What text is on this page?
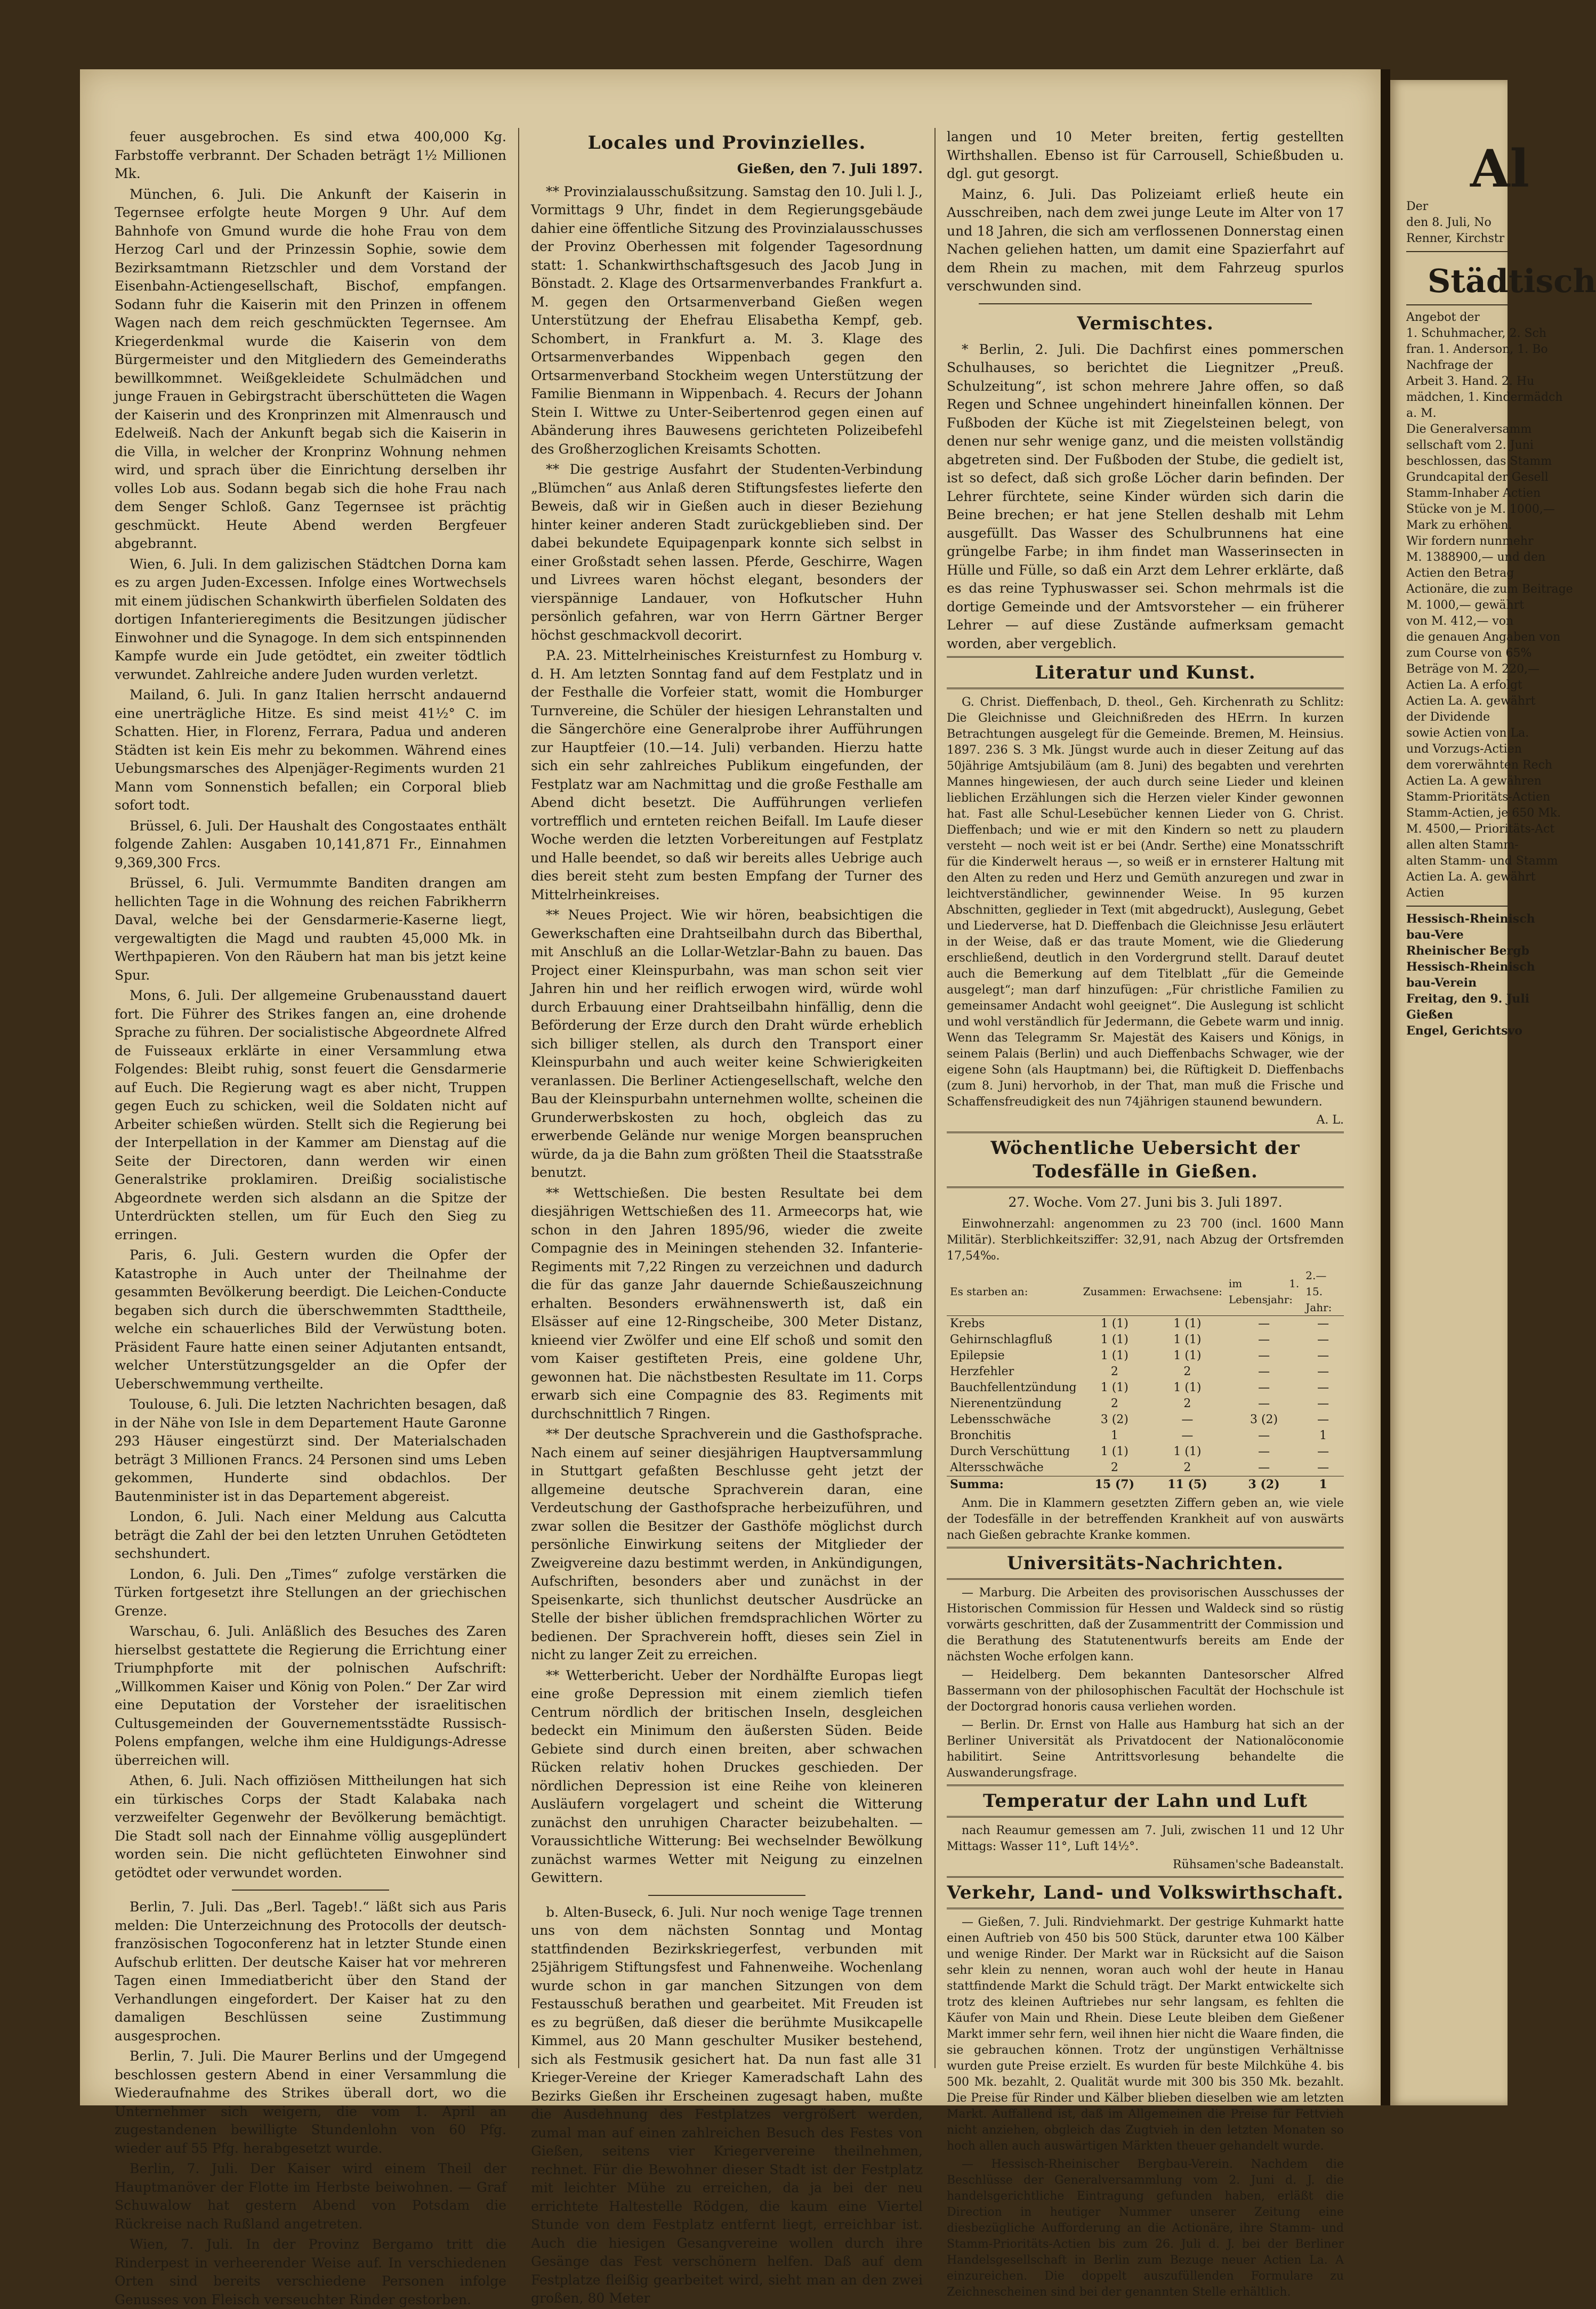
feuer ausgebrochen. Es sind etwa 400,000 Kg. Farbstoffe verbrannt. Der Schaden beträgt 1½ Millionen Mk.

München, 6. Juli. Die Ankunft der Kaiserin in Tegernsee erfolgte heute Morgen 9 Uhr. Auf dem Bahnhofe von Gmund wurde die hohe Frau von dem Herzog Carl und der Prinzessin Sophie, sowie dem Bezirksamtmann Rietzschler und dem Vorstand der Eisenbahn-Actiengesellschaft, Bischof, empfangen. Sodann fuhr die Kaiserin mit den Prinzen in offenem Wagen nach dem reich geschmückten Tegernsee. Am Kriegerdenkmal wurde die Kaiserin von dem Bürgermeister und den Mitgliedern des Gemeinderaths bewillkommnet. Weißgekleidete Schulmädchen und junge Frauen in Gebirgstracht überschütteten die Wagen der Kaiserin und des Kronprinzen mit Almenrausch und Edelweiß. Nach der Ankunft begab sich die Kaiserin in die Villa, in welcher der Kronprinz Wohnung nehmen wird, und sprach über die Einrichtung derselben ihr volles Lob aus. Sodann begab sich die hohe Frau nach dem Senger Schloß. Ganz Tegernsee ist prächtig geschmückt. Heute Abend werden Bergfeuer abgebrannt.

Wien, 6. Juli. In dem galizischen Städtchen Dorna kam es zu argen Juden-Excessen. Infolge eines Wortwechsels mit einem jüdischen Schankwirth überfielen Soldaten des dortigen Infanterieregiments die Besitzungen jüdischer Einwohner und die Synagoge. In dem sich entspinnenden Kampfe wurde ein Jude getödtet, ein zweiter tödtlich verwundet. Zahlreiche andere Juden wurden verletzt.

Mailand, 6. Juli. In ganz Italien herrscht andauernd eine unerträgliche Hitze. Es sind meist 41½° C. im Schatten. Hier, in Florenz, Ferrara, Padua und anderen Städten ist kein Eis mehr zu bekommen. Während eines Uebungsmarsches des Alpenjäger-Regiments wurden 21 Mann vom Sonnenstich befallen; ein Corporal blieb sofort todt.

Brüssel, 6. Juli. Der Haushalt des Congostaates enthält folgende Zahlen: Ausgaben 10,141,871 Fr., Einnahmen 9,369,300 Frcs.

Brüssel, 6. Juli. Vermummte Banditen drangen am hellichten Tage in die Wohnung des reichen Fabrikherrn Daval, welche bei der Gensdarmerie-Kaserne liegt, vergewaltigten die Magd und raubten 45,000 Mk. in Werthpapieren. Von den Räubern hat man bis jetzt keine Spur.

Mons, 6. Juli. Der allgemeine Grubenausstand dauert fort. Die Führer des Strikes fangen an, eine drohende Sprache zu führen. Der socialistische Abgeordnete Alfred de Fuisseaux erklärte in einer Versammlung etwa Folgendes: Bleibt ruhig, sonst feuert die Gensdarmerie auf Euch. Die Regierung wagt es aber nicht, Truppen gegen Euch zu schicken, weil die Soldaten nicht auf Arbeiter schießen würden. Stellt sich die Regierung bei der Interpellation in der Kammer am Dienstag auf die Seite der Directoren, dann werden wir einen Generalstrike proklamiren. Dreißig socialistische Abgeordnete werden sich alsdann an die Spitze der Unterdrückten stellen, um für Euch den Sieg zu erringen.

Paris, 6. Juli. Gestern wurden die Opfer der Katastrophe in Auch unter der Theilnahme der gesammten Bevölkerung beerdigt. Die Leichen-Conducte begaben sich durch die überschwemmten Stadttheile, welche ein schauerliches Bild der Verwüstung boten. Präsident Faure hatte einen seiner Adjutanten entsandt, welcher Unterstützungsgelder an die Opfer der Ueberschwemmung vertheilte.

Toulouse, 6. Juli. Die letzten Nachrichten besagen, daß in der Nähe von Isle in dem Departement Haute Garonne 293 Häuser eingestürzt sind. Der Materialschaden beträgt 3 Millionen Francs. 24 Personen sind ums Leben gekommen, Hunderte sind obdachlos. Der Bautenminister ist in das Departement abgereist.

London, 6. Juli. Nach einer Meldung aus Calcutta beträgt die Zahl der bei den letzten Unruhen Getödteten sechshundert.

London, 6. Juli. Den „Times“ zufolge verstärken die Türken fortgesetzt ihre Stellungen an der griechischen Grenze.

Warschau, 6. Juli. Anläßlich des Besuches des Zaren hierselbst gestattete die Regierung die Errichtung einer Triumphpforte mit der polnischen Aufschrift: „Willkommen Kaiser und König von Polen.“ Der Zar wird eine Deputation der Vorsteher der israelitischen Cultusgemeinden der Gouvernementsstädte Russisch-Polens empfangen, welche ihm eine Huldigungs-Adresse überreichen will.

Athen, 6. Juli. Nach offiziösen Mittheilungen hat sich ein türkisches Corps der Stadt Kalabaka nach verzweifelter Gegenwehr der Bevölkerung bemächtigt. Die Stadt soll nach der Einnahme völlig ausgeplündert worden sein. Die nicht geflüchteten Einwohner sind getödtet oder verwundet worden.

Berlin, 7. Juli. Das „Berl. Tageb!.“ läßt sich aus Paris melden: Die Unterzeichnung des Protocolls der deutsch-französischen Togoconferenz hat in letzter Stunde einen Aufschub erlitten. Der deutsche Kaiser hat vor mehreren Tagen einen Immediatbericht über den Stand der Verhandlungen eingefordert. Der Kaiser hat zu den damaligen Beschlüssen seine Zustimmung ausgesprochen.

Berlin, 7. Juli. Die Maurer Berlins und der Umgegend beschlossen gestern Abend in einer Versammlung die Wiederaufnahme des Strikes überall dort, wo die Unternehmer sich weigern, die vom 1. April an zugestandenen bewilligte Stundenlohn von 60 Pfg. wieder auf 55 Pfg. herabgesetzt wurde.

Berlin, 7. Juli. Der Kaiser wird einem Theil der Hauptmanöver der Flotte im Herbste beiwohnen. — Graf Schuwalow hat gestern Abend von Potsdam die Rückreise nach Rußland angetreten.

Wien, 7. Juli. In der Provinz Bergamo tritt die Rinderpest in verheerender Weise auf. In verschiedenen Orten sind bereits verschiedene Personen infolge Genusses von Fleisch verseuchter Rinder gestorben.

Locales und Provinzielles.
Gießen, den 7. Juli 1897.

** Provinzialausschußsitzung. Samstag den 10. Juli l. J., Vormittags 9 Uhr, findet in dem Regierungsgebäude dahier eine öffentliche Sitzung des Provinzialausschusses der Provinz Oberhessen mit folgender Tagesordnung statt: 1. Schankwirthschaftsgesuch des Jacob Jung in Bönstadt. 2. Klage des Ortsarmenverbandes Frankfurt a. M. gegen den Ortsarmenverband Gießen wegen Unterstützung der Ehefrau Elisabetha Kempf, geb. Schombert, in Frankfurt a. M. 3. Klage des Ortsarmenverbandes Wippenbach gegen den Ortsarmenverband Stockheim wegen Unterstützung der Familie Bienmann in Wippenbach. 4. Recurs der Johann Stein I. Wittwe zu Unter-Seibertenrod gegen einen auf Abänderung ihres Bauwesens gerichteten Polizeibefehl des Großherzoglichen Kreisamts Schotten.

** Die gestrige Ausfahrt der Studenten-Verbindung „Blümchen“ aus Anlaß deren Stiftungsfestes lieferte den Beweis, daß wir in Gießen auch in dieser Beziehung hinter keiner anderen Stadt zurückgeblieben sind. Der dabei bekundete Equipagenpark konnte sich selbst in einer Großstadt sehen lassen. Pferde, Geschirre, Wagen und Livrees waren höchst elegant, besonders der vierspännige Landauer, von Hofkutscher Huhn persönlich gefahren, war von Herrn Gärtner Berger höchst geschmackvoll decorirt.

P.A. 23. Mittelrheinisches Kreisturnfest zu Homburg v. d. H. Am letzten Sonntag fand auf dem Festplatz und in der Festhalle die Vorfeier statt, womit die Homburger Turnvereine, die Schüler der hiesigen Lehranstalten und die Sängerchöre eine Generalprobe ihrer Aufführungen zur Hauptfeier (10.—14. Juli) verbanden. Hierzu hatte sich ein sehr zahlreiches Publikum eingefunden, der Festplatz war am Nachmittag und die große Festhalle am Abend dicht besetzt. Die Aufführungen verliefen vortrefflich und ernteten reichen Beifall. Im Laufe dieser Woche werden die letzten Vorbereitungen auf Festplatz und Halle beendet, so daß wir bereits alles Uebrige auch dies bereit steht zum besten Empfang der Turner des Mittelrheinkreises.

** Neues Project. Wie wir hören, beabsichtigen die Gewerkschaften eine Drahtseilbahn durch das Biberthal, mit Anschluß an die Lollar-Wetzlar-Bahn zu bauen. Das Project einer Kleinspurbahn, was man schon seit vier Jahren hin und her reiflich erwogen wird, würde wohl durch Erbauung einer Drahtseilbahn hinfällig, denn die Beförderung der Erze durch den Draht würde erheblich sich billiger stellen, als durch den Transport einer Kleinspurbahn und auch weiter keine Schwierigkeiten veranlassen. Die Berliner Actiengesellschaft, welche den Bau der Kleinspurbahn unternehmen wollte, scheinen die Grunderwerbskosten zu hoch, obgleich das zu erwerbende Gelände nur wenige Morgen beanspruchen würde, da ja die Bahn zum größten Theil die Staatsstraße benutzt.

** Wettschießen. Die besten Resultate bei dem diesjährigen Wettschießen des 11. Armeecorps hat, wie schon in den Jahren 1895/96, wieder die zweite Compagnie des in Meiningen stehenden 32. Infanterie-Regiments mit 7,22 Ringen zu verzeichnen und dadurch die für das ganze Jahr dauernde Schießauszeichnung erhalten. Besonders erwähnenswerth ist, daß ein Elsässer auf eine 12-Ringscheibe, 300 Meter Distanz, knieend vier Zwölfer und eine Elf schoß und somit den vom Kaiser gestifteten Preis, eine goldene Uhr, gewonnen hat. Die nächstbesten Resultate im 11. Corps erwarb sich eine Compagnie des 83. Regiments mit durchschnittlich 7 Ringen.

** Der deutsche Sprachverein und die Gasthofsprache. Nach einem auf seiner diesjährigen Hauptversammlung in Stuttgart gefaßten Beschlusse geht jetzt der allgemeine deutsche Sprachverein daran, eine Verdeutschung der Gasthofsprache herbeizuführen, und zwar sollen die Besitzer der Gasthöfe möglichst durch persönliche Einwirkung seitens der Mitglieder der Zweigvereine dazu bestimmt werden, in Ankündigungen, Aufschriften, besonders aber und zunächst in der Speisenkarte, sich thunlichst deutscher Ausdrücke an Stelle der bisher üblichen fremdsprachlichen Wörter zu bedienen. Der Sprachverein hofft, dieses sein Ziel in nicht zu langer Zeit zu erreichen.

** Wetterbericht. Ueber der Nordhälfte Europas liegt eine große Depression mit einem ziemlich tiefen Centrum nördlich der britischen Inseln, desgleichen bedeckt ein Minimum den äußersten Süden. Beide Gebiete sind durch einen breiten, aber schwachen Rücken relativ hohen Druckes geschieden. Der nördlichen Depression ist eine Reihe von kleineren Ausläufern vorgelagert und scheint die Witterung zunächst den unruhigen Character beizubehalten. — Voraussichtliche Witterung: Bei wechselnder Bewölkung zunächst warmes Wetter mit Neigung zu einzelnen Gewittern.

b. Alten-Buseck, 6. Juli. Nur noch wenige Tage trennen uns von dem nächsten Sonntag und Montag stattfindenden Bezirkskriegerfest, verbunden mit 25jährigem Stiftungsfest und Fahnenweihe. Wochenlang wurde schon in gar manchen Sitzungen von dem Festausschuß berathen und gearbeitet. Mit Freuden ist es zu begrüßen, daß dieser die berühmte Musikcapelle Kimmel, aus 20 Mann geschulter Musiker bestehend, sich als Festmusik gesichert hat. Da nun fast alle 31 Krieger-Vereine der Krieger Kameradschaft Lahn des Bezirks Gießen ihr Erscheinen zugesagt haben, mußte die Ausdehnung des Festplatzes vergrößert werden, zumal man auf einen zahlreichen Besuch des Festes von Gießen, seitens vier Kriegervereine theilnehmen, rechnet. Für die Bewohner dieser Stadt ist der Festplatz mit leichter Mühe zu erreichen, da ja bei der neu errichtete Haltestelle Rödgen, die kaum eine Viertel Stunde von dem Festplatz entfernt liegt, erreichbar ist. Auch die hiesigen Gesangvereine wollen durch ihre Gesänge das Fest verschönern helfen. Daß auf dem Festplatze fleißig gearbeitet wird, sieht man an den zwei großen, 80 Meter

langen und 10 Meter breiten, fertig gestellten Wirthshallen. Ebenso ist für Carrousell, Schießbuden u. dgl. gut gesorgt.

Mainz, 6. Juli. Das Polizeiamt erließ heute ein Ausschreiben, nach dem zwei junge Leute im Alter von 17 und 18 Jahren, die sich am verflossenen Donnerstag einen Nachen geliehen hatten, um damit eine Spazierfahrt auf dem Rhein zu machen, mit dem Fahrzeug spurlos verschwunden sind.

Vermischtes.

* Berlin, 2. Juli. Die Dachfirst eines pommerschen Schulhauses, so berichtet die Liegnitzer „Preuß. Schulzeitung“, ist schon mehrere Jahre offen, so daß Regen und Schnee ungehindert hineinfallen können. Der Fußboden der Küche ist mit Ziegelsteinen belegt, von denen nur sehr wenige ganz, und die meisten vollständig abgetreten sind. Der Fußboden der Stube, die gedielt ist, ist so defect, daß sich große Löcher darin befinden. Der Lehrer fürchtete, seine Kinder würden sich darin die Beine brechen; er hat jene Stellen deshalb mit Lehm ausgefüllt. Das Wasser des Schulbrunnens hat eine grüngelbe Farbe; in ihm findet man Wasserinsecten in Hülle und Fülle, so daß ein Arzt dem Lehrer erklärte, daß es das reine Typhuswasser sei. Schon mehrmals ist die dortige Gemeinde und der Amtsvorsteher — ein früherer Lehrer — auf diese Zustände aufmerksam gemacht worden, aber vergeblich.

Literatur und Kunst.

G. Christ. Dieffenbach, D. theol., Geh. Kirchenrath zu Schlitz: Die Gleichnisse und Gleichnißreden des HErrn. In kurzen Betrachtungen ausgelegt für die Gemeinde. Bremen, M. Heinsius. 1897. 236 S. 3 Mk. Jüngst wurde auch in dieser Zeitung auf das 50jährige Amtsjubiläum (am 8. Juni) des begabten und verehrten Mannes hingewiesen, der auch durch seine Lieder und kleinen lieblichen Erzählungen sich die Herzen vieler Kinder gewonnen hat. Fast alle Schul-Lesebücher kennen Lieder von G. Christ. Dieffenbach; und wie er mit den Kindern so nett zu plaudern versteht — noch weit ist er bei (Andr. Serthe) eine Monatsschrift für die Kinderwelt heraus —, so weiß er in ernsterer Haltung mit den Alten zu reden und Herz und Gemüth anzuregen und zwar in leichtverständlicher, gewinnender Weise. In 95 kurzen Abschnitten, geglieder in Text (mit abgedruckt), Auslegung, Gebet und Liederverse, hat D. Dieffenbach die Gleichnisse Jesu erläutert in der Weise, daß er das traute Moment, wie die Gliederung erschließend, deutlich in den Vordergrund stellt. Darauf deutet auch die Bemerkung auf dem Titelblatt „für die Gemeinde ausgelegt“; man darf hinzufügen: „Für christliche Familien zu gemeinsamer Andacht wohl geeignet“. Die Auslegung ist schlicht und wohl verständlich für Jedermann, die Gebete warm und innig. Wenn das Telegramm Sr. Majestät des Kaisers und Königs, in seinem Palais (Berlin) und auch Dieffenbachs Schwager, wie der eigene Sohn (als Hauptmann) bei, die Rüftigkeit D. Dieffenbachs (zum 8. Juni) hervorhob, in der That, man muß die Frische und Schaffensfreudigkeit des nun 74jährigen staunend bewundern.

A. L.
Wöchentliche Uebersicht der Todesfälle in Gießen.
27. Woche. Vom 27. Juni bis 3. Juli 1897.

Einwohnerzahl: angenommen zu 23 700 (incl. 1600 Mann Militär). Sterblichkeitsziffer: 32,91, nach Abzug der Ortsfremden 17,54‰.

Es starben an:	Zusammen:	Erwachsene:	im 1. Lebensjahr:	2.—15. Jahr:
Krebs	1 (1)	1 (1)	—	—
Gehirnschlagfluß	1 (1)	1 (1)	—	—
Epilepsie	1 (1)	1 (1)	—	—
Herzfehler	2	2	—	—
Bauchfellentzündung	1 (1)	1 (1)	—	—
Nierenentzündung	2	2	—	—
Lebensschwäche	3 (2)	—	3 (2)	—
Bronchitis	1	—	—	1
Durch Verschüttung	1 (1)	1 (1)	—	—
Altersschwäche	2	2	—	—
Summa:	15 (7)	11 (5)	3 (2)	1

Anm. Die in Klammern gesetzten Ziffern geben an, wie viele der Todesfälle in der betreffenden Krankheit auf von auswärts nach Gießen gebrachte Kranke kommen.

Universitäts-Nachrichten.

— Marburg. Die Arbeiten des provisorischen Ausschusses der Historischen Commission für Hessen und Waldeck sind so rüstig vorwärts geschritten, daß der Zusammentritt der Commission und die Berathung des Statutenentwurfs bereits am Ende der nächsten Woche erfolgen kann.

— Heidelberg. Dem bekannten Dantesorscher Alfred Bassermann von der philosophischen Facultät der Hochschule ist der Doctorgrad honoris causa verliehen worden.

— Berlin. Dr. Ernst von Halle aus Hamburg hat sich an der Berliner Universität als Privatdocent der Nationalöconomie habilitirt. Seine Antrittsvorlesung behandelte die Auswanderungsfrage.

Temperatur der Lahn und Luft

nach Reaumur gemessen am 7. Juli, zwischen 11 und 12 Uhr Mittags: Wasser 11°, Luft 14½°.

Rühsamen'sche Badeanstalt.
Verkehr, Land- und Volkswirthschaft.

— Gießen, 7. Juli. Rindviehmarkt. Der gestrige Kuhmarkt hatte einen Auftrieb von 450 bis 500 Stück, darunter etwa 100 Kälber und wenige Rinder. Der Markt war in Rücksicht auf die Saison sehr klein zu nennen, woran auch wohl der heute in Hanau stattfindende Markt die Schuld trägt. Der Markt entwickelte sich trotz des kleinen Auftriebes nur sehr langsam, es fehlten die Käufer von Main und Rhein. Diese Leute bleiben dem Gießener Markt immer sehr fern, weil ihnen hier nicht die Waare finden, die sie gebrauchen können. Trotz der ungünstigen Verhältnisse wurden gute Preise erzielt. Es wurden für beste Milchkühe 4. bis 500 Mk. bezahlt, 2. Qualität wurde mit 300 bis 350 Mk. bezahlt. Die Preise für Rinder und Kälber blieben dieselben wie am letzten Markt. Auffallend ist, daß im Allgemeinen die Preise für Fettvieh nicht anziehen, obgleich das Zugtvieh in den letzten Monaten so hoch allen auch auswärtigen Märkten theuer gehandelt wurde.

— Hessisch-Rheinischer Bergbau-Verein. Nachdem die Beschlüsse der Generalversammlung vom 2. Juni d. J. die handelsgerichtliche Eintragung gefunden haben, erläßt die Direction in heutiger Nummer unserer Zeitung eine diesbezügliche Aufforderung an die Actionäre, ihre Stamm- und Stamm-Prioritäts-Actien bis zum 26. Juli d. J. bei der Berliner Handelsgesellschaft in Berlin zum Bezuge neuer Actien La. A einzureichen. Die doppelt auszufüllenden Formulare zu Zeichnescheinen sind bei der genannten Stelle erhältlich.

Al
Der
den 8. Juli, No
Renner, Kirchstr
Städtisch
Angebot der
1. Schuhmacher, 2. Sch
fran. 1. Anderson, 1. Bo
Nachfrage der
Arbeit 3. Hand. 2. Hu
mädchen, 1. Kindermädch
a. M.
Die Generalversamm
sellschaft vom 2. Juni
beschlossen, das Stamm
Grundcapital der Gesell
Stamm-Inhaber Actien
Stücke von je M. 1000,—
Mark zu erhöhen.
Wir fordern nunmehr
M. 1388900,— und den
Actien den Betrag
Actionäre, die zum Beitrage
M. 1000,— gewährt
von M. 412,— von
die genauen Angaben von
zum Course von 65%
Beträge von M. 220,—
Actien La. A erfolgt
Actien La. A. gewährt
der Dividende
sowie Actien von La.
und Vorzugs-Actien
dem vorerwähnten Rech
Actien La. A gewähren
Stamm-Prioritäts-Actien
Stamm-Actien, je 650 Mk.
M. 4500,— Prioritäts-Act
allen alten Stamm-
alten Stamm- und Stamm
Actien La. A. gewährt
Actien
Hessisch-Rheinisch
bau-Vere
Rheinischer Bergb
Hessisch-Rheinisch
bau-Verein
Freitag, den 9. Juli
Gießen
Engel, Gerichtsvo
